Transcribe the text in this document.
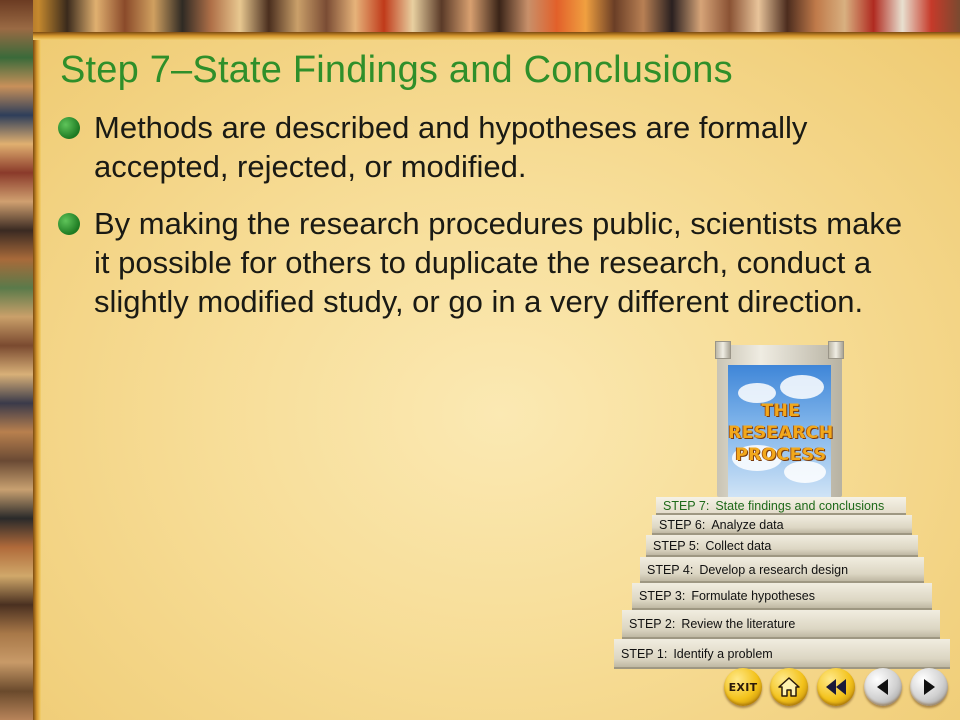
Step 7–State Findings and Conclusions
Methods are described and hypotheses are formally accepted, rejected, or modified.
By making the research procedures public, scientists make it possible for others to duplicate the research, conduct a slightly modified study, or go in a very different direction.
THE
RESEARCH
PROCESS
STEP 7: State findings and conclusions
STEP 6: Analyze data
STEP 5: Collect data
STEP 4: Develop a research design
STEP 3: Formulate hypotheses
STEP 2: Review the literature
STEP 1: Identify a problem
EXIT
